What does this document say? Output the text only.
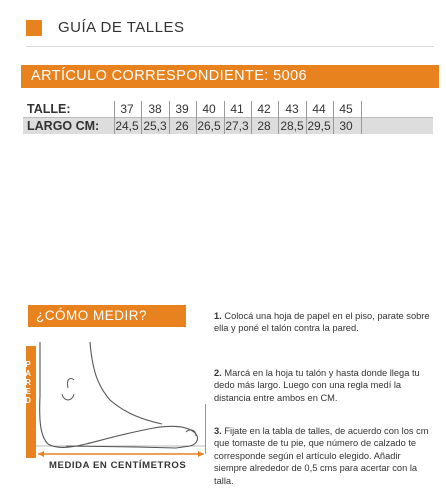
GUÍA DE TALLES
ARTÍCULO CORRESPONDIENTE: 5006
TALLE:	37	38	39	40	41	42	43	44	45
LARGO CM: 24,5 25,3 26 26,5 27,3 28 28,5 29,5 30
¿CÓMO MEDIR?
P
A
R
E
D
MEDIDA EN CENTÍMETROS
1. Colocá una hoja de papel en el piso, parate sobre ella y poné el talón contra la pared.
2. Marcá en la hoja tu talón y hasta donde llega tu dedo más largo. Luego con una regla medí la distancia entre ambos en CM.
3. Fijate en la tabla de talles, de acuerdo con los cm que tomaste de tu pie, que número de calzado te corresponde según el artículo elegido. Añadir siempre alrededor de 0,5 cms para acertar con la talla.
